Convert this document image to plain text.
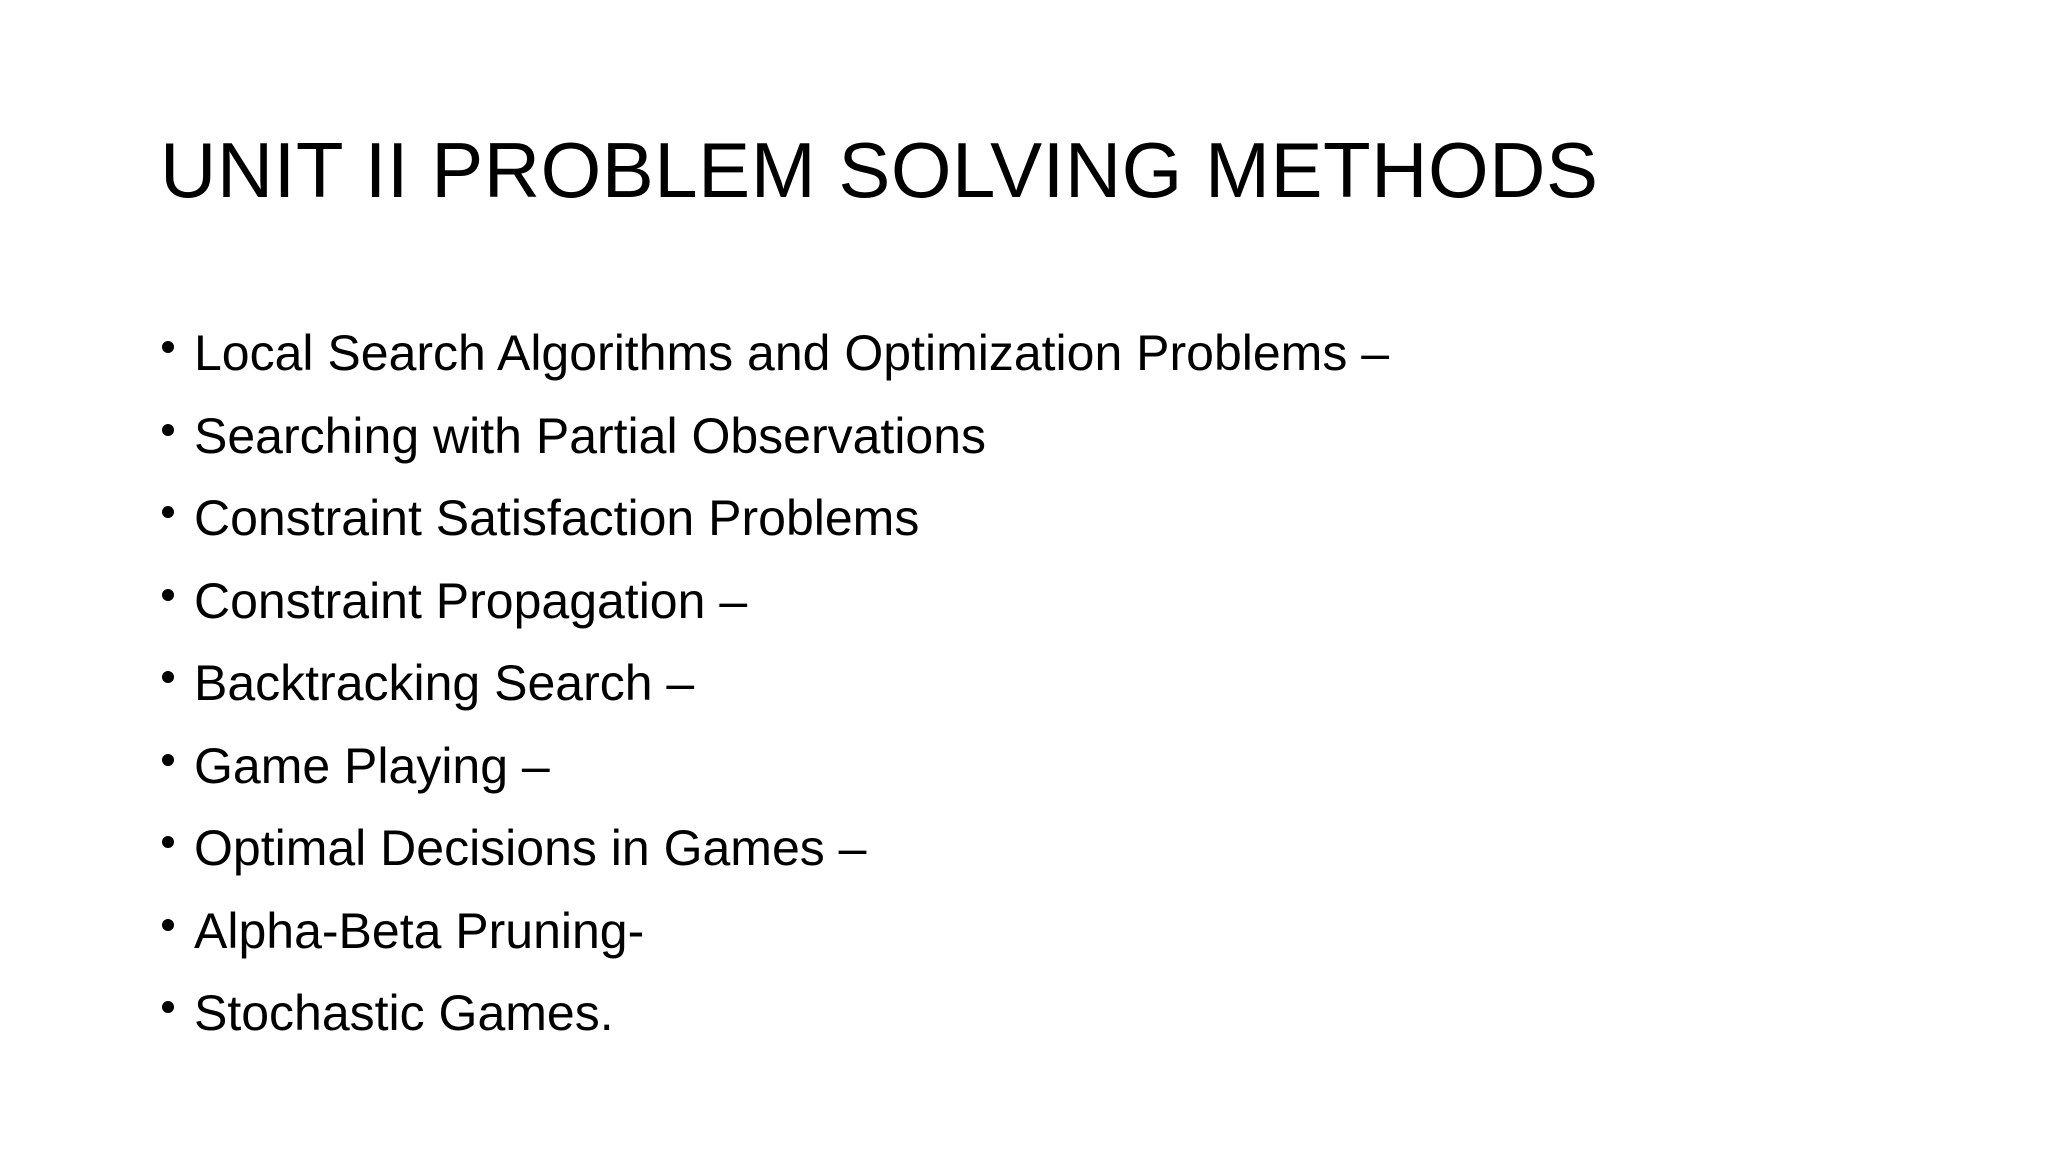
UNIT II PROBLEM SOLVING METHODS
Local Search Algorithms and Optimization Problems –
Searching with Partial Observations
Constraint Satisfaction Problems
Constraint Propagation –
Backtracking Search –
Game Playing –
Optimal Decisions in Games –
Alpha-Beta Pruning-
Stochastic Games.
